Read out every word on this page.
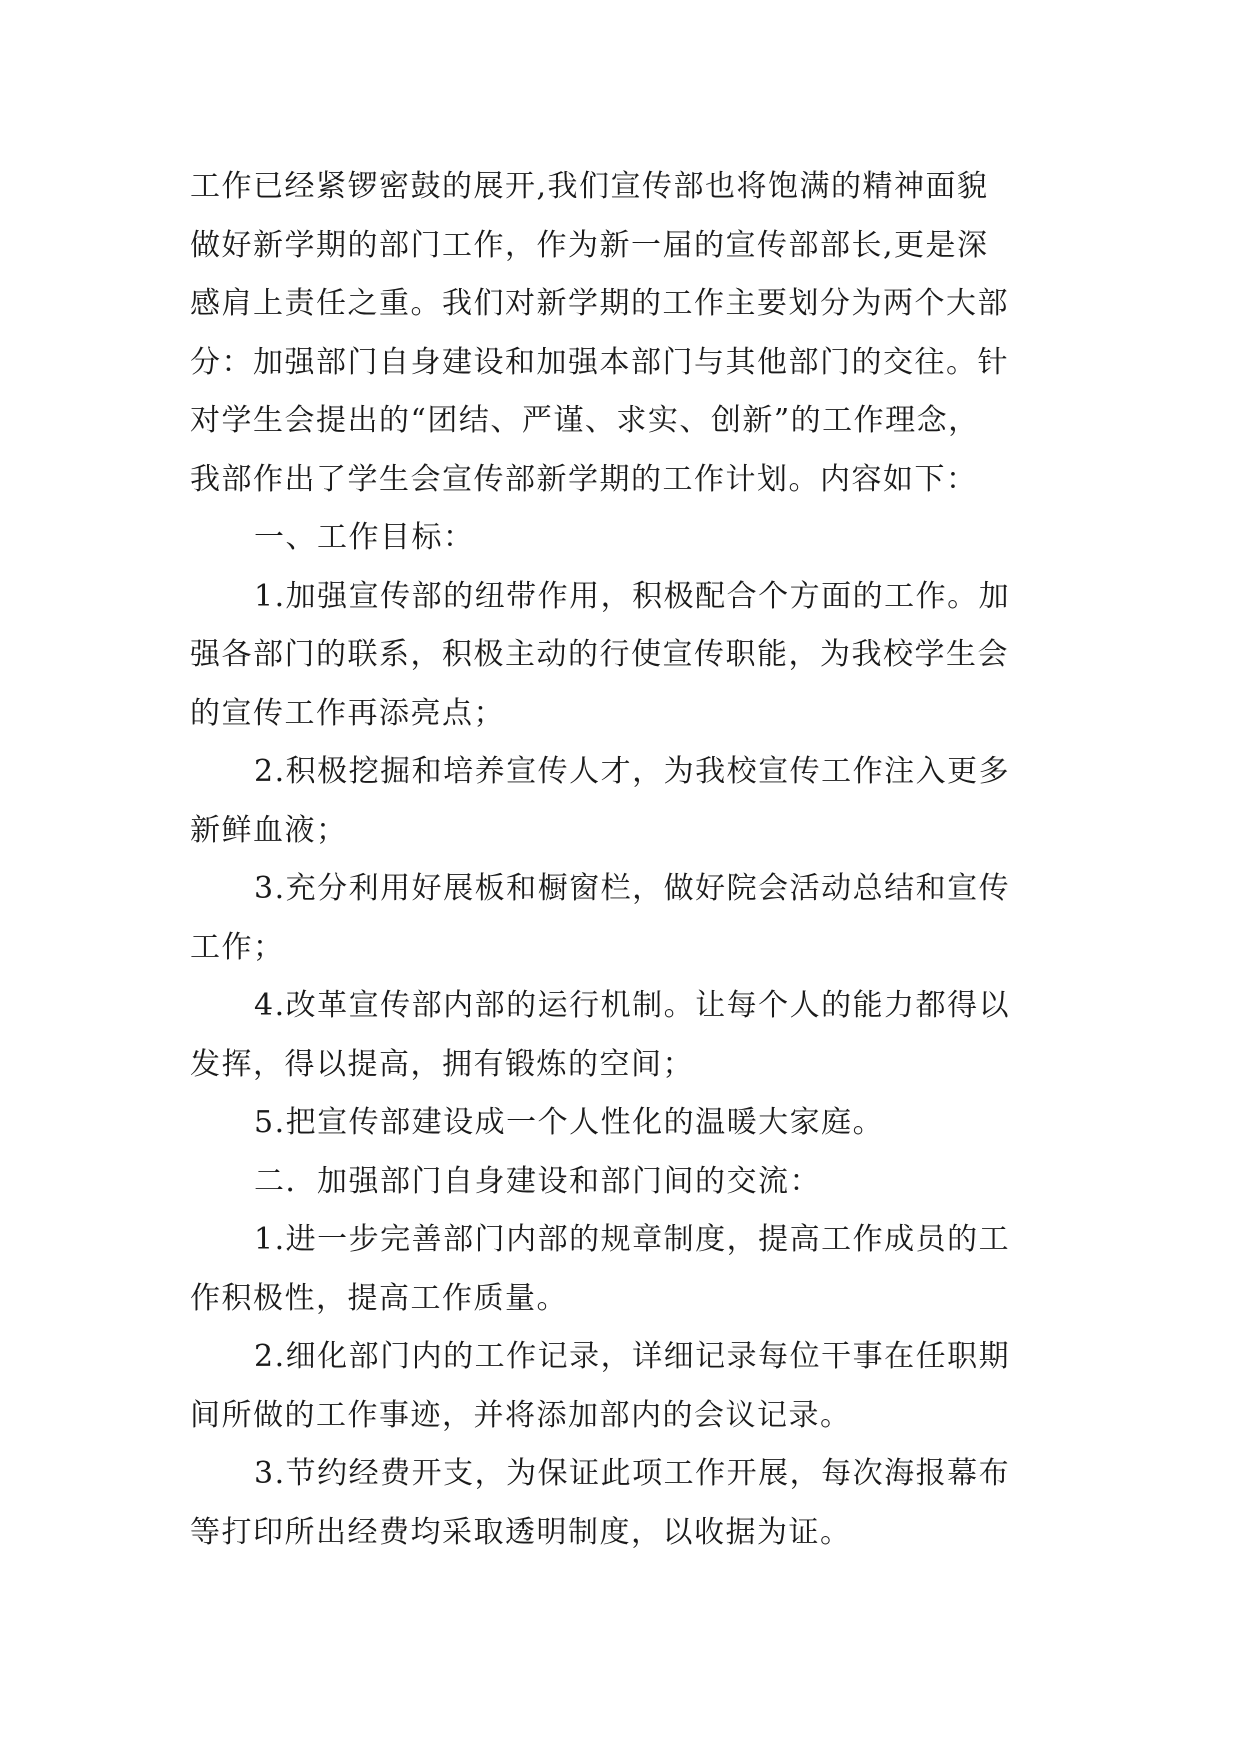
工作已经紧锣密鼓的展开,我们宣传部也将饱满的精神面貌
做好新学期的部门工作，作为新一届的宣传部部长,更是深
感肩上责任之重。我们对新学期的工作主要划分为两个大部
分：加强部门自身建设和加强本部门与其他部门的交往。针
对学生会提出的“团结、严谨、求实、创新”的工作理念，
我部作出了学生会宣传部新学期的工作计划。内容如下：
一、工作目标：
1.加强宣传部的纽带作用，积极配合个方面的工作。加
强各部门的联系，积极主动的行使宣传职能，为我校学生会
的宣传工作再添亮点；
2.积极挖掘和培养宣传人才，为我校宣传工作注入更多
新鲜血液；
3.充分利用好展板和橱窗栏，做好院会活动总结和宣传
工作；
4.改革宣传部内部的运行机制。让每个人的能力都得以
发挥，得以提高，拥有锻炼的空间；
5.把宣传部建设成一个人性化的温暖大家庭。
二．加强部门自身建设和部门间的交流：
1.进一步完善部门内部的规章制度，提高工作成员的工
作积极性，提高工作质量。
2.细化部门内的工作记录，详细记录每位干事在任职期
间所做的工作事迹，并将添加部内的会议记录。
3.节约经费开支，为保证此项工作开展，每次海报幕布
等打印所出经费均采取透明制度，以收据为证。
